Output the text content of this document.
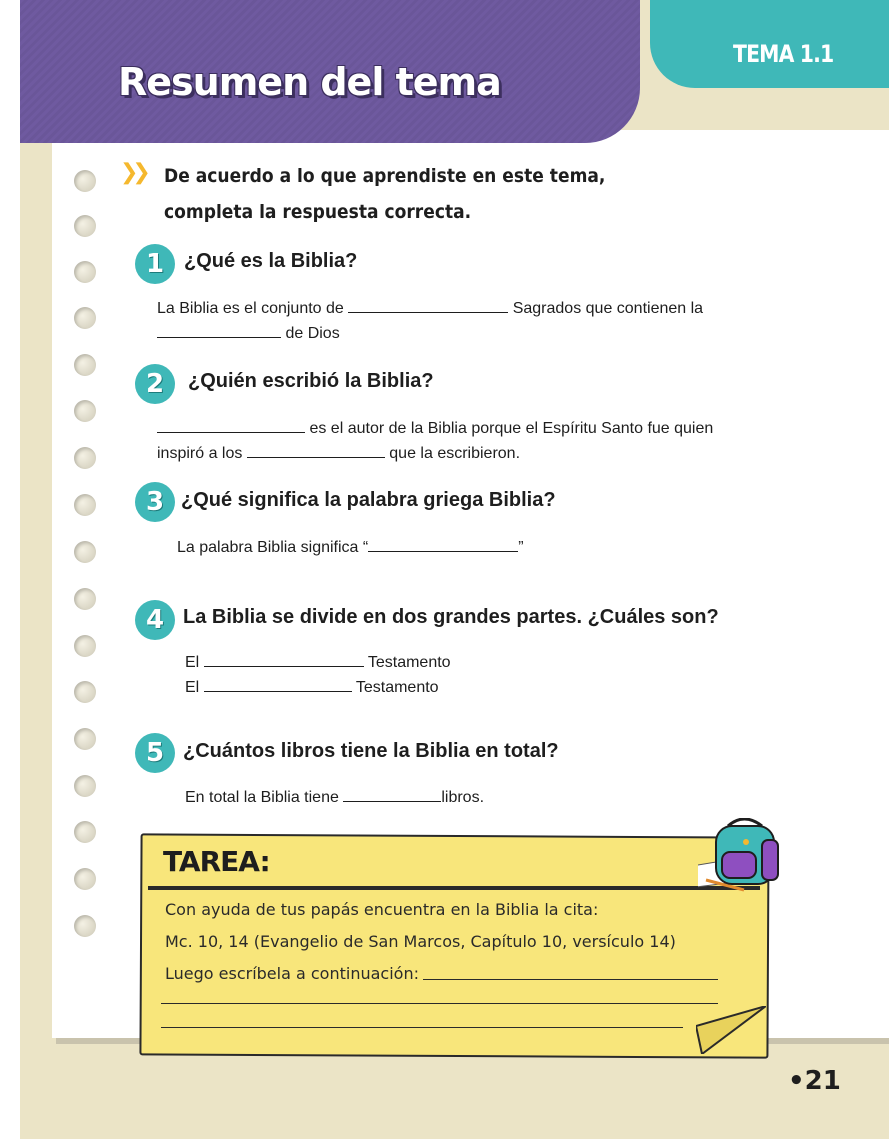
Resumen del tema
TEMA 1.1
❯❯ De acuerdo a lo que aprendiste en este tema, completa la respuesta correcta.
1 ¿Qué es la Biblia?
La Biblia es el conjunto de	Sagrados que contienen la
de Dios
2	¿Quién escribió la Biblia?
es el autor de la Biblia porque el Espíritu Santo fue quien
inspiró a los	que la escribieron.
3 ¿Qué significa la palabra griega Biblia?
La palabra Biblia significa “	”
4 La Biblia se divide en dos grandes partes. ¿Cuáles son?
El	Testamento
El	Testamento
5 ¿Cuántos libros tiene la Biblia en total?
En total la Biblia tiene	libros.
TAREA:
Con ayuda de tus papás encuentra en la Biblia la cita:
Mc. 10, 14 (Evangelio de San Marcos, Capítulo 10, versículo 14)
Luego escríbela a continuación:
•21
